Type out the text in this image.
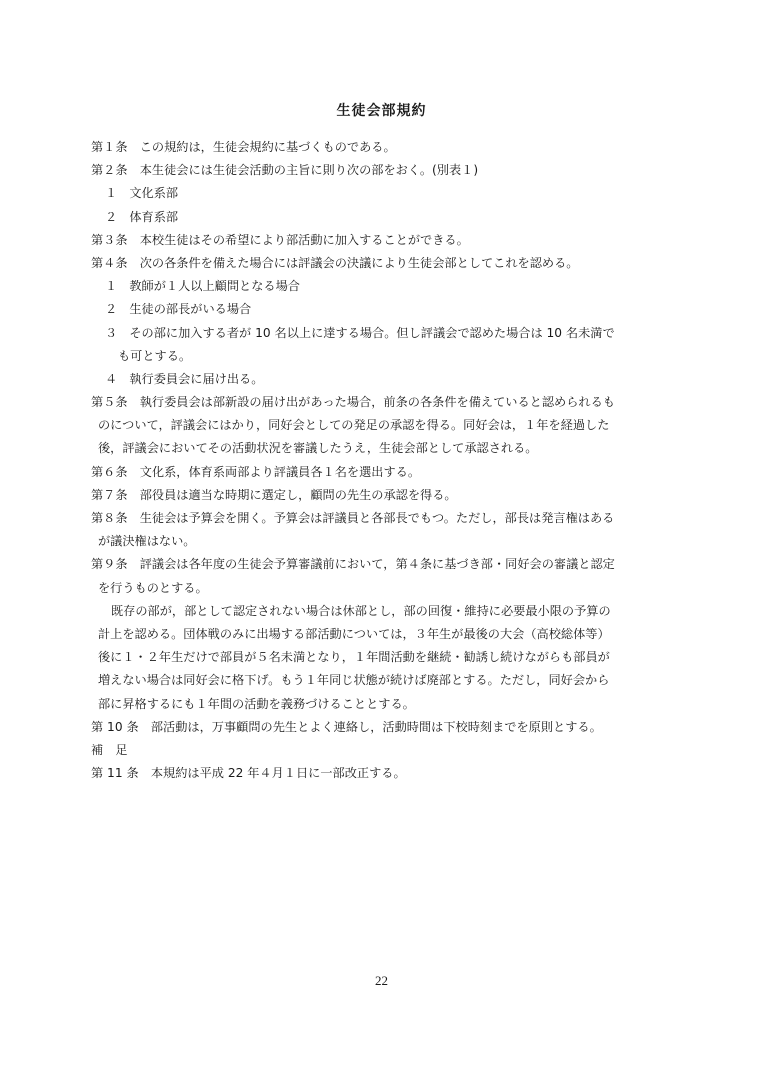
生徒会部規約
第１条　この規約は，生徒会規約に基づくものである。
第２条　本生徒会には生徒会活動の主旨に則り次の部をおく。(別表１)
１　文化系部
２　体育系部
第３条　本校生徒はその希望により部活動に加入することができる。
第４条　次の各条件を備えた場合には評議会の決議により生徒会部としてこれを認める。
１　教師が１人以上顧問となる場合
２　生徒の部長がいる場合
３　その部に加入する者が 10 名以上に達する場合。但し評議会で認めた場合は 10 名未満で
も可とする。
４　執行委員会に届け出る。
第５条　執行委員会は部新設の届け出があった場合，前条の各条件を備えていると認められるも
のについて，評議会にはかり，同好会としての発足の承認を得る。同好会は，１年を経過した
後，評議会においてその活動状況を審議したうえ，生徒会部として承認される。
第６条　文化系，体育系両部より評議員各１名を選出する。
第７条　部役員は適当な時期に選定し，顧問の先生の承認を得る。
第８条　生徒会は予算会を開く。予算会は評議員と各部長でもつ。ただし，部長は発言権はある
が議決権はない。
第９条　評議会は各年度の生徒会予算審議前において，第４条に基づき部・同好会の審議と認定
を行うものとする。
既存の部が，部として認定されない場合は休部とし，部の回復・維持に必要最小限の予算の
計上を認める。団体戦のみに出場する部活動については，３年生が最後の大会（高校総体等）
後に１・２年生だけで部員が５名未満となり，１年間活動を継続・勧誘し続けながらも部員が
増えない場合は同好会に格下げ。もう１年同じ状態が続けば廃部とする。ただし，同好会から
部に昇格するにも１年間の活動を義務づけることとする。
第 10 条　部活動は，万事顧問の先生とよく連絡し，活動時間は下校時刻までを原則とする。
補　足
第 11 条　本規約は平成 22 年４月１日に一部改正する。
22
